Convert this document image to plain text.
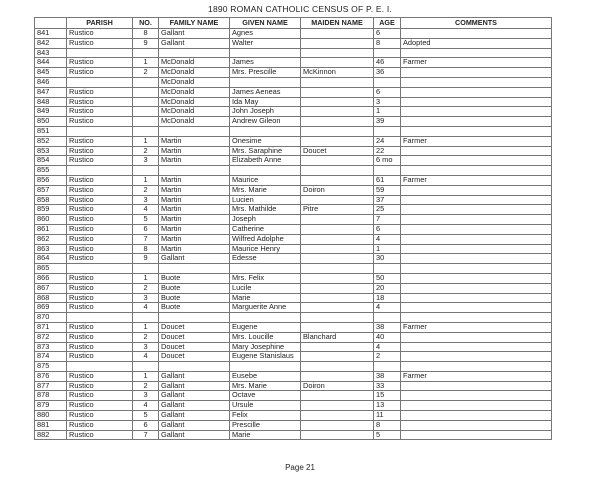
1890 ROMAN CATHOLIC CENSUS OF P. E. I.
	PARISH	NO.	FAMILY NAME	GIVEN NAME	MAIDEN NAME	AGE	COMMENTS
841	Rustico	8	Gallant	Agnes		6	
842	Rustico	9	Gallant	Walter		8	Adopted
843							
844	Rustico	1	McDonald	James		46	Farmer
845	Rustico	2	McDonald	Mrs. Prescille	McKinnon	36	
846			McDonald				
847	Rustico		McDonald	James Aeneas		6	
848	Rustico		McDonald	Ida May		3	
849	Rustico		McDonald	John Joseph		1	
850	Rustico		McDonald	Andrew Gileon		39	
851							
852	Rustico	1	Martin	Onesime		24	Farmer
853	Rustico	2	Martin	Mrs. Saraphine	Doucet	22	
854	Rustico	3	Martin	Elizabeth Anne		6 mo	
855							
856	Rustico	1	Martin	Maurice		61	Farmer
857	Rustico	2	Martin	Mrs. Marie	Doiron	59	
858	Rustico	3	Martin	Lucien		37	
859	Rustico	4	Martin	Mrs. Mathilde	Pitre	25	
860	Rustico	5	Martin	Joseph		7	
861	Rustico	6	Martin	Catherine		6	
862	Rustico	7	Martin	Wilfred Adolphe		4	
863	Rustico	8	Martin	Maurice Henry		1	
864	Rustico	9	Gallant	Edesse		30	
865							
866	Rustico	1	Buote	Mrs. Felix		50	
867	Rustico	2	Buote	Lucile		20	
868	Rustico	3	Buote	Marie		18	
869	Rustico	4	Buote	Marguerite Anne		4	
870							
871	Rustico	1	Doucet	Eugene		38	Farmer
872	Rustico	2	Doucet	Mrs. Loucille	Blanchard	40	
873	Rustico	3	Doucet	Mary Josephine		4	
874	Rustico	4	Doucet	Eugene Stanislaus		2	
875							
876	Rustico	1	Gallant	Eusebe		38	Farmer
877	Rustico	2	Gallant	Mrs. Marie	Doiron	33	
878	Rustico	3	Gallant	Octave		15	
879	Rustico	4	Gallant	Ursule		13	
880	Rustico	5	Gallant	Felix		11	
881	Rustico	6	Gallant	Prescille		8	
882	Rustico	7	Gallant	Marie		5	
Page 21
